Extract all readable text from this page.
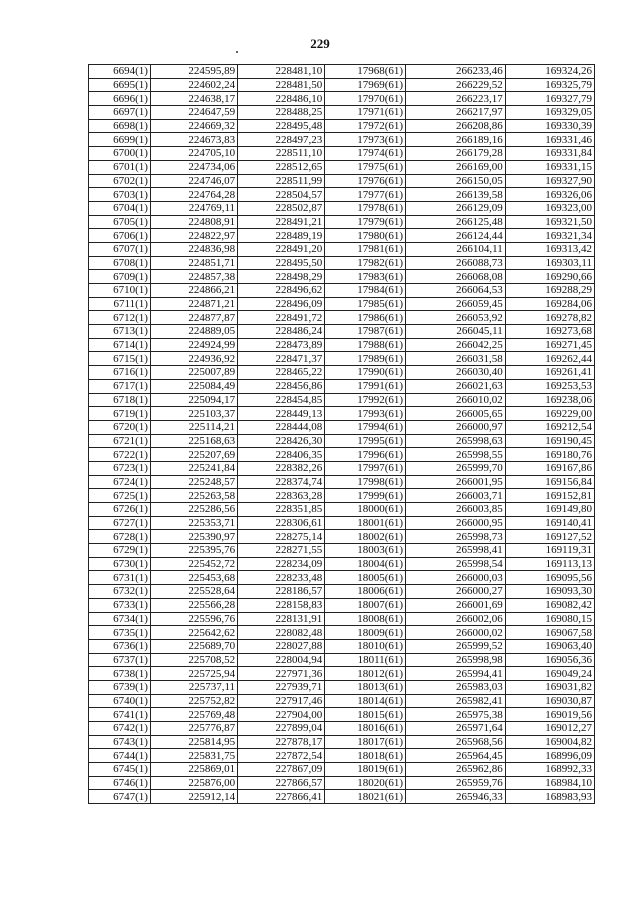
229
6694(1)	224595,89	228481,10	17968(61)	266233,46	169324,26
6695(1)	224602,24	228481,50	17969(61)	266229,52	169325,79
6696(1)	224638,17	228486,10	17970(61)	266223,17	169327,79
6697(1)	224647,59	228488,25	17971(61)	266217,97	169329,05
6698(1)	224669,32	228495,48	17972(61)	266208,86	169330,39
6699(1)	224673,83	228497,23	17973(61)	266189,16	169331,46
6700(1)	224705,10	228511,10	17974(61)	266179,28	169331,84
6701(1)	224734,06	228512,65	17975(61)	266169,00	169331,15
6702(1)	224746,07	228511,99	17976(61)	266150,05	169327,90
6703(1)	224764,28	228504,57	17977(61)	266139,58	169326,06
6704(1)	224769,11	228502,87	17978(61)	266129,09	169323,00
6705(1)	224808,91	228491,21	17979(61)	266125,48	169321,50
6706(1)	224822,97	228489,19	17980(61)	266124,44	169321,34
6707(1)	224836,98	228491,20	17981(61)	266104,11	169313,42
6708(1)	224851,71	228495,50	17982(61)	266088,73	169303,11
6709(1)	224857,38	228498,29	17983(61)	266068,08	169290,66
6710(1)	224866,21	228496,62	17984(61)	266064,53	169288,29
6711(1)	224871,21	228496,09	17985(61)	266059,45	169284,06
6712(1)	224877,87	228491,72	17986(61)	266053,92	169278,82
6713(1)	224889,05	228486,24	17987(61)	266045,11	169273,68
6714(1)	224924,99	228473,89	17988(61)	266042,25	169271,45
6715(1)	224936,92	228471,37	17989(61)	266031,58	169262,44
6716(1)	225007,89	228465,22	17990(61)	266030,40	169261,41
6717(1)	225084,49	228456,86	17991(61)	266021,63	169253,53
6718(1)	225094,17	228454,85	17992(61)	266010,02	169238,06
6719(1)	225103,37	228449,13	17993(61)	266005,65	169229,00
6720(1)	225114,21	228444,08	17994(61)	266000,97	169212,54
6721(1)	225168,63	228426,30	17995(61)	265998,63	169190,45
6722(1)	225207,69	228406,35	17996(61)	265998,55	169180,76
6723(1)	225241,84	228382,26	17997(61)	265999,70	169167,86
6724(1)	225248,57	228374,74	17998(61)	266001,95	169156,84
6725(1)	225263,58	228363,28	17999(61)	266003,71	169152,81
6726(1)	225286,56	228351,85	18000(61)	266003,85	169149,80
6727(1)	225353,71	228306,61	18001(61)	266000,95	169140,41
6728(1)	225390,97	228275,14	18002(61)	265998,73	169127,52
6729(1)	225395,76	228271,55	18003(61)	265998,41	169119,31
6730(1)	225452,72	228234,09	18004(61)	265998,54	169113,13
6731(1)	225453,68	228233,48	18005(61)	266000,03	169095,56
6732(1)	225528,64	228186,57	18006(61)	266000,27	169093,30
6733(1)	225566,28	228158,83	18007(61)	266001,69	169082,42
6734(1)	225596,76	228131,91	18008(61)	266002,06	169080,15
6735(1)	225642,62	228082,48	18009(61)	266000,02	169067,58
6736(1)	225689,70	228027,88	18010(61)	265999,52	169063,40
6737(1)	225708,52	228004,94	18011(61)	265998,98	169056,36
6738(1)	225725,94	227971,36	18012(61)	265994,41	169049,24
6739(1)	225737,11	227939,71	18013(61)	265983,03	169031,82
6740(1)	225752,82	227917,46	18014(61)	265982,41	169030,87
6741(1)	225769,48	227904,00	18015(61)	265975,38	169019,56
6742(1)	225776,87	227899,04	18016(61)	265971,64	169012,27
6743(1)	225814,95	227878,17	18017(61)	265968,56	169004,82
6744(1)	225831,75	227872,54	18018(61)	265964,45	168996,09
6745(1)	225869,01	227867,09	18019(61)	265962,86	168992,33
6746(1)	225876,00	227866,57	18020(61)	265959,76	168984,10
6747(1)	225912,14	227866,41	18021(61)	265946,33	168983,93
